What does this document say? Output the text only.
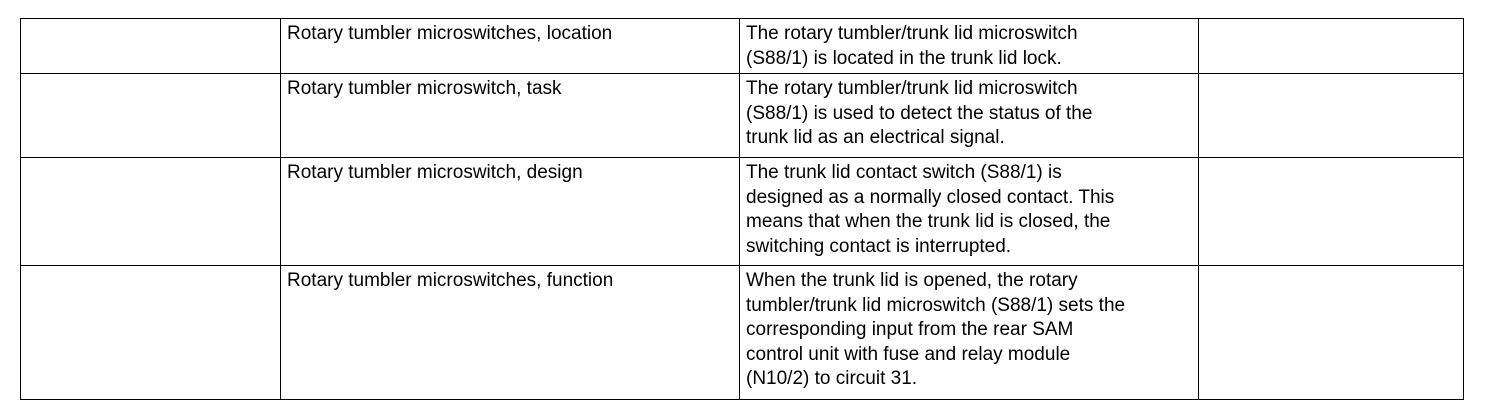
	Rotary tumbler microswitches, location	The rotary tumbler/trunk lid microswitch
(S88/1) is located in the trunk lid lock.	

	Rotary tumbler microswitch, task	The rotary tumbler/trunk lid microswitch
(S88/1) is used to detect the status of the
trunk lid as an electrical signal.	

	Rotary tumbler microswitch, design	The trunk lid contact switch (S88/1) is
designed as a normally closed contact. This
means that when the trunk lid is closed, the
switching contact is interrupted.	

	Rotary tumbler microswitches, function	When the trunk lid is opened, the rotary
tumbler/trunk lid microswitch (S88/1) sets the
corresponding input from the rear SAM
control unit with fuse and relay module
(N10/2) to circuit 31.	
